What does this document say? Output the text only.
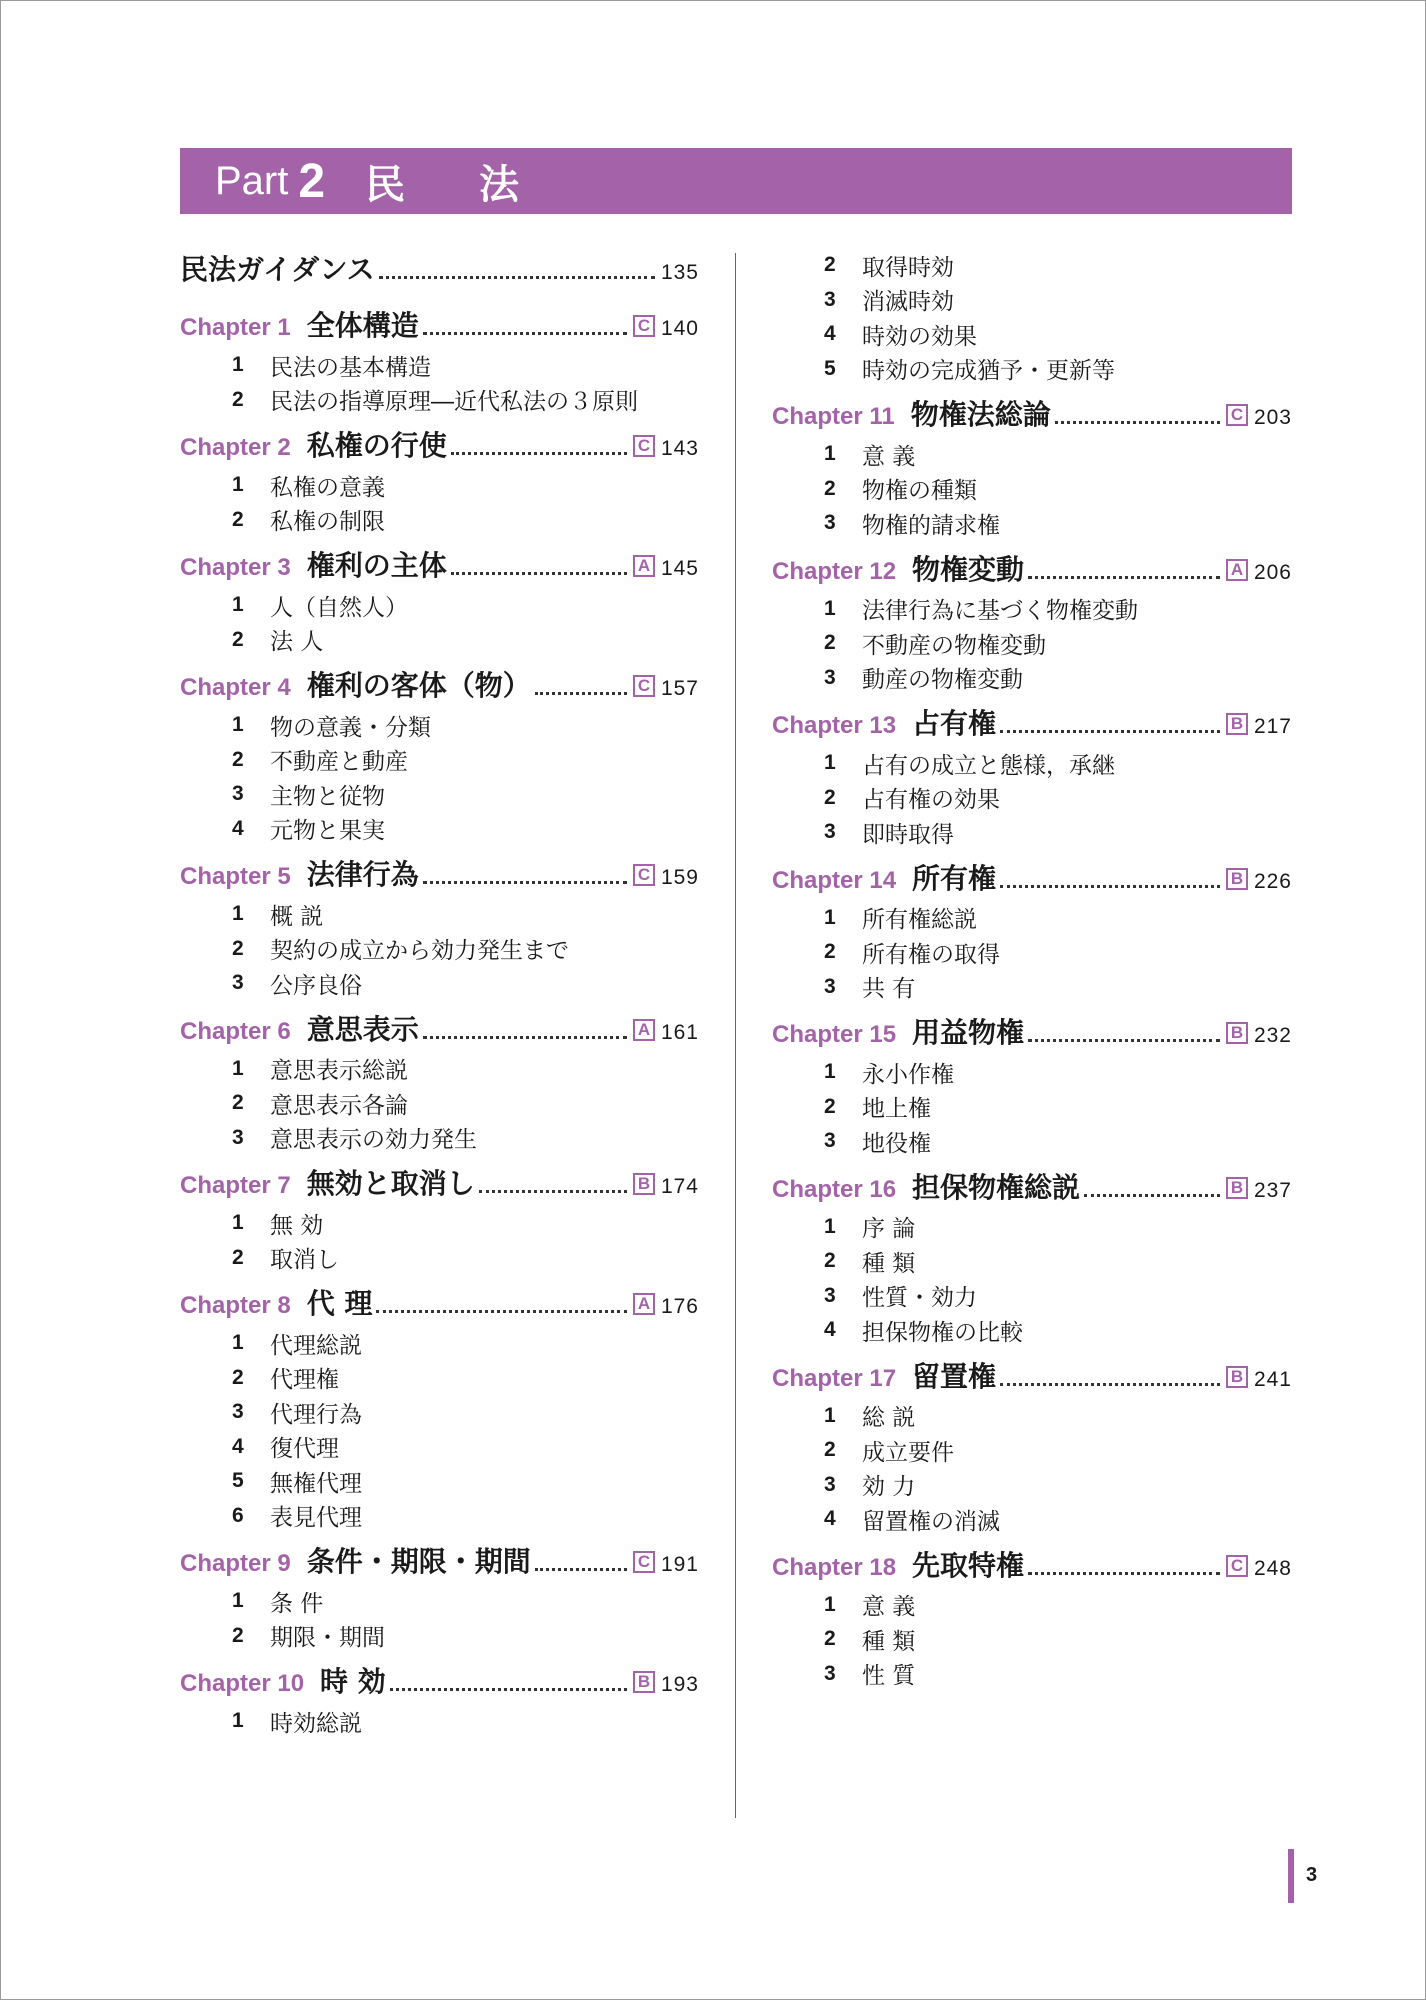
Part 2 民 法
民法ガイダンス	135
Chapter 1 全体構造	C 140
1	民法の基本構造
2	民法の指導原理―近代私法の３原則
Chapter 2 私権の行使	C 143
1	私権の意義
2	私権の制限
Chapter 3 権利の主体	A 145
1	人（自然人）
2	法 人
Chapter 4 権利の客体（物）	C 157
1	物の意義・分類
2	不動産と動産
3	主物と従物
4	元物と果実
Chapter 5 法律行為	C 159
1	概 説
2	契約の成立から効力発生まで
3	公序良俗
Chapter 6 意思表示	A 161
1	意思表示総説
2	意思表示各論
3	意思表示の効力発生
Chapter 7 無効と取消し	B 174
1	無 効
2	取消し
Chapter 8 代 理	A 176
1	代理総説
2	代理権
3	代理行為
4	復代理
5	無権代理
6	表見代理
Chapter 9 条件・期限・期間	C 191
1	条 件
2	期限・期間
Chapter 10 時 効	B 193
1	時効総説
2	取得時効
3	消滅時効
4	時効の効果
5	時効の完成猶予・更新等
Chapter 11 物権法総論	C 203
1	意 義
2	物権の種類
3	物権的請求権
Chapter 12 物権変動	A 206
1	法律行為に基づく物権変動
2	不動産の物権変動
3	動産の物権変動
Chapter 13 占有権	B 217
1	占有の成立と態様，承継
2	占有権の効果
3	即時取得
Chapter 14 所有権	B 226
1	所有権総説
2	所有権の取得
3	共 有
Chapter 15 用益物権	B 232
1	永小作権
2	地上権
3	地役権
Chapter 16 担保物権総説	B 237
1	序 論
2	種 類
3	性質・効力
4	担保物権の比較
Chapter 17 留置権	B 241
1	総 説
2	成立要件
3	効 力
4	留置権の消滅
Chapter 18 先取特権	C 248
1	意 義
2	種 類
3	性 質
3
